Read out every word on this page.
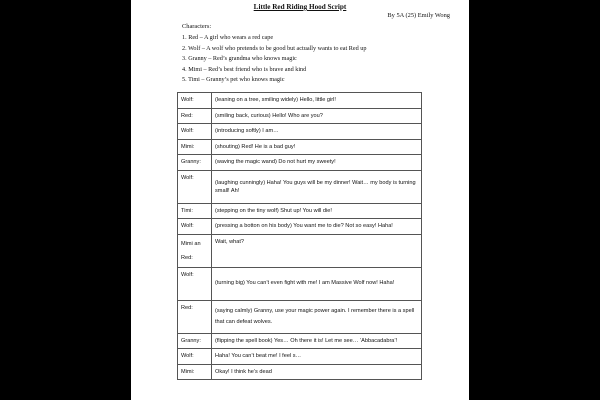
Little Red Riding Hood Script
By 5A (25) Emily Wong
Characters:
1. Red – A girl who wears a red cape
2. Wolf – A wolf who pretends to be good but actually wants to eat Red up
3. Granny – Red’s grandma who knows magic
4. Mimi – Red’s best friend who is brave and kind
5. Timi – Granny’s pet who knows magic
Wolf:	(leaning on a tree, smiling widely) Hello, little girl!
Red:	(smiling back, curious) Hello! Who are you?
Wolf:	(introducing softly) I am…
Mimi:	(shouting) Red! He is a bad guy!
Granny:	(waving the magic wand) Do not hurt my sweety!
Wolf:	(laughing cunningly) Haha! You guys will be my dinner! Wait… my body is turning small! Ah!
Timi:	(stepping on the tiny wolf) Shut up! You will die!
Wolf:	(pressing a botton on his body) You want me to die? Not so easy! Haha!
Mimi an Red:	Wait, what?
Wolf:	(turning big) You can’t even fight with me! I am Massive Wolf now! Haha!
Red:	(saying calmly) Granny, use your magic power again. I remember there is a spell that can defeat wolves.
Granny:	(flipping the spell book) Yes… Oh there it is! Let me see… ‘Abbacadabra’!
Wolf:	Haha! You can’t beat me! I feel s…
Mimi:	Okay! I think he’s dead
